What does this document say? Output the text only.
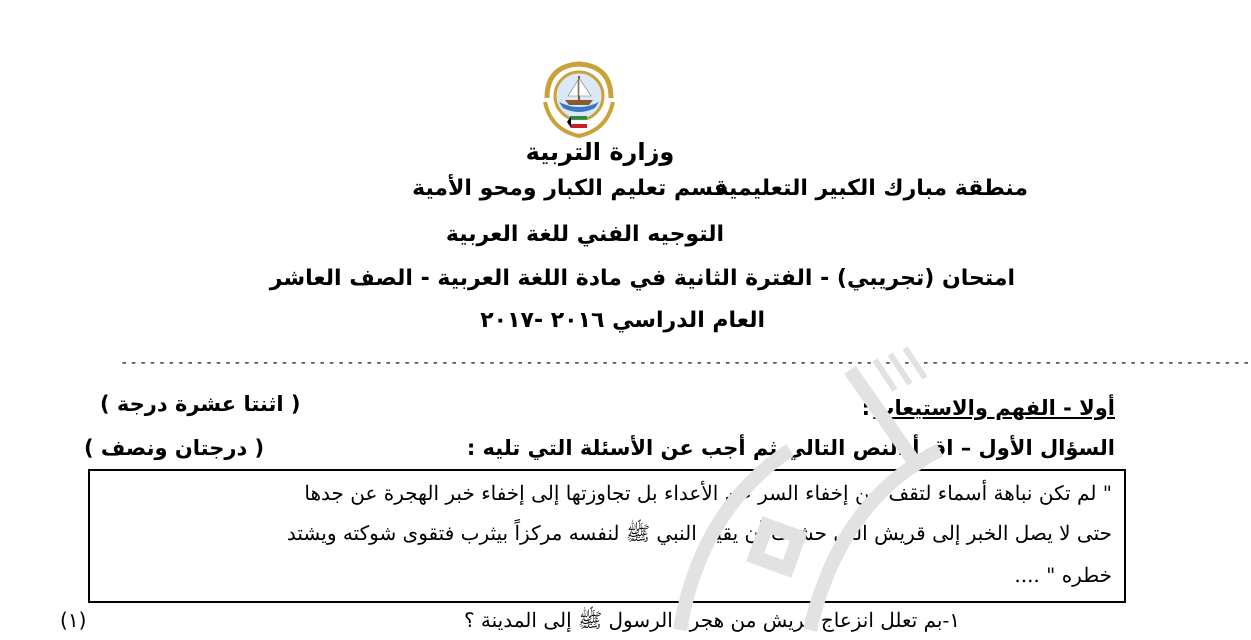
وزارة التربية
منطقة مبارك الكبير التعليمية
قسم تعليم الكبار ومحو الأمية
التوجيه الفني للغة العربية
امتحان (تجريبي) - الفترة الثانية في مادة اللغة العربية - الصف العاشر
العام الدراسي ٢٠١٦ -٢٠١٧
------------------------------------------------------------------------------------------------------------------------
أولا - الفهم والاستيعاب
:
( اثنتا عشرة درجة )
السؤال الأول – اقرأ النص التالي ثم أجب عن الأسئلة التي تليه :
( درجتان ونصف )
" لم تكن نباهة أسماء لتقف عن إخفاء السر عن الأعداء بل تجاوزتها إلى إخفاء خبر الهجرة عن جدها
حتى لا يصل الخبر إلى قريش التي حشيت أن يقيم النبي ﷺ لنفسه مركزاً بيثرب فتقوى شوكته ويشتد
خطره " ....
١-بم تعلل انزعاج قريش من هجرة الرسول ﷺ إلى المدينة ؟
(١)
